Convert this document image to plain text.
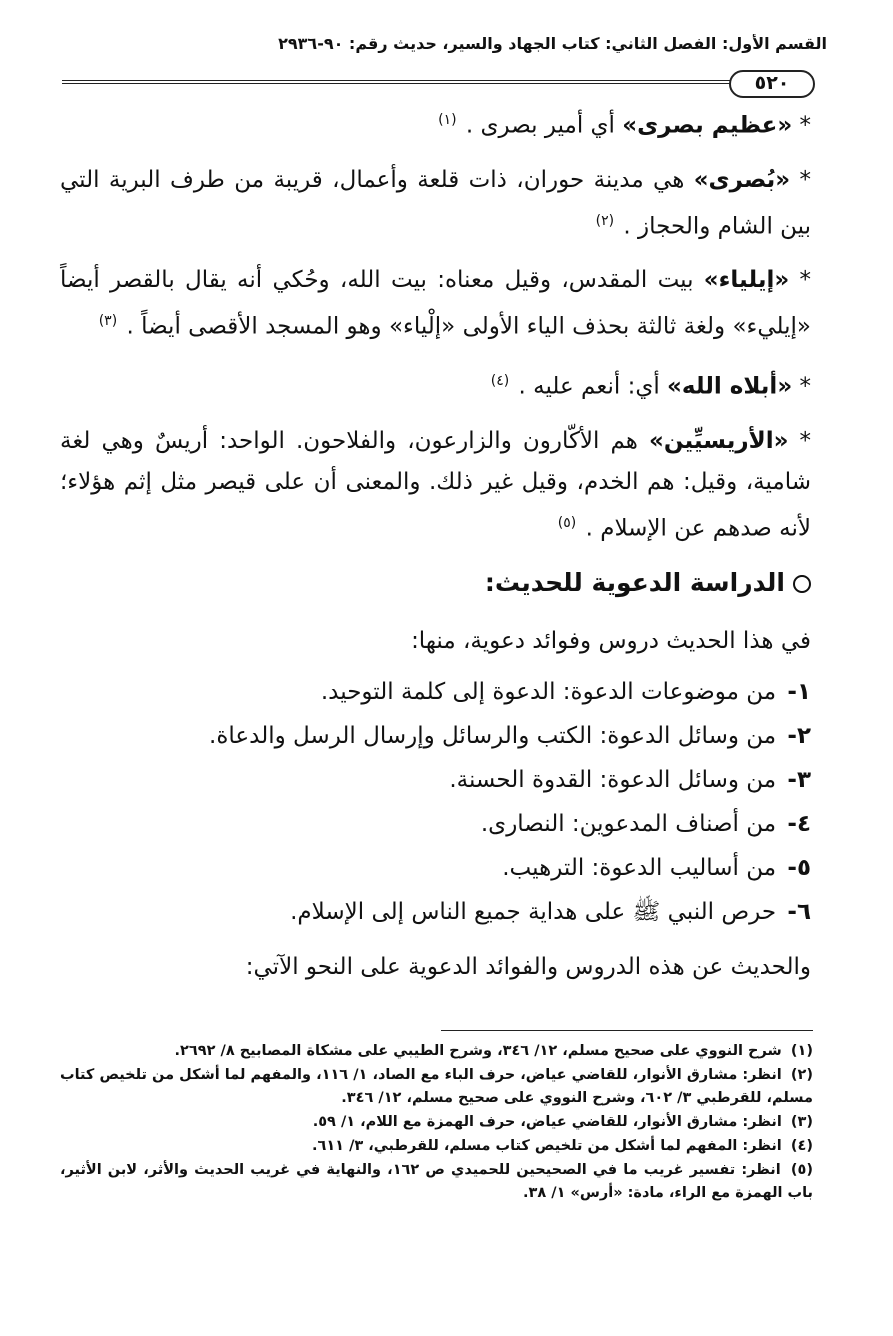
القسم الأول: الفصل الثاني: كتاب الجهاد والسير، حديث رقم: ٩٠-٢٩٣٦
٥٢٠

* «عظيم بصرى» أي أمير بصرى . $^{(١)}$

* «بُصرى» هي مدينة حوران، ذات قلعة وأعمال، قريبة من طرف البرية التي بين الشام والحجاز . $^{(٢)}$

* «إيلياء» بيت المقدس، وقيل معناه: بيت الله، وحُكي أنه يقال بالقصر أيضاً «إيليء» ولغة ثالثة بحذف الياء الأولى «إلْياء» وهو المسجد الأقصى أيضاً . $^{(٣)}$

* «أبلاه الله» أي: أنعم عليه . $^{(٤)}$

* «الأريسيِّين» هم الأكّارون والزارعون، والفلاحون. الواحد: أريسٌ وهي لغة شامية، وقيل: هم الخدم، وقيل غير ذلك. والمعنى أن على قيصر مثل إثم هؤلاء؛ لأنه صدهم عن الإسلام . $^{(٥)}$

الدراسة الدعوية للحديث:

في هذا الحديث دروس وفوائد دعوية، منها:

١- من موضوعات الدعوة: الدعوة إلى كلمة التوحيد.
٢- من وسائل الدعوة: الكتب والرسائل وإرسال الرسل والدعاة.
٣- من وسائل الدعوة: القدوة الحسنة.
٤- من أصناف المدعوين: النصارى.
٥- من أساليب الدعوة: الترهيب.
٦- حرص النبي ﷺ على هداية جميع الناس إلى الإسلام.

والحديث عن هذه الدروس والفوائد الدعوية على النحو الآتي:

(١) شرح النووي على صحيح مسلم، ١٢/ ٣٤٦، وشرح الطيبي على مشكاة المصابيح ٨/ ٢٦٩٢.
(٢) انظر: مشارق الأنوار، للقاضي عياض، حرف الباء مع الصاد، ١/ ١١٦، والمفهم لما أشكل من تلخيص كتاب مسلم، للقرطبي ٣/ ٦٠٢، وشرح النووي على صحيح مسلم، ١٢/ ٣٤٦.
(٣) انظر: مشارق الأنوار، للقاضي عياض، حرف الهمزة مع اللام، ١/ ٥٩.
(٤) انظر: المفهم لما أشكل من تلخيص كتاب مسلم، للقرطبي، ٣/ ٦١١.
(٥) انظر: تفسير غريب ما في الصحيحين للحميدي ص ١٦٢، والنهاية في غريب الحديث والأثر، لابن الأثير، باب الهمزة مع الراء، مادة: «أرس» ١/ ٣٨.
